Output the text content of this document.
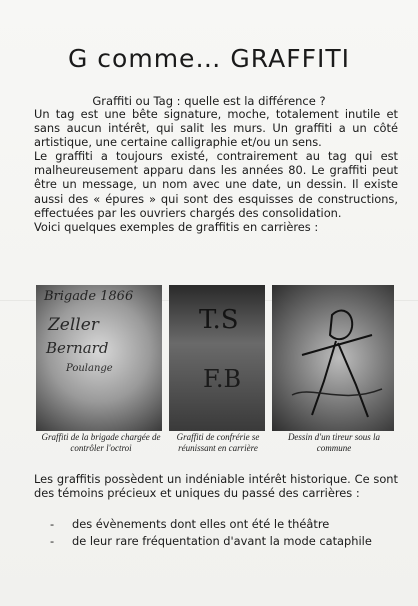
G comme… GRAFFITI

Graffiti ou Tag : quelle est la différence ?

Un tag est une bête signature, moche, totalement inutile et sans aucun intérêt, qui salit les murs. Un graffiti a un côté artistique, une certaine calligraphie et/ou un sens.

Le graffiti a toujours existé, contrairement au tag qui est malheureusement apparu dans les années 80. Le graffiti peut être un message, un nom avec une date, un dessin. Il existe aussi des « épures » qui sont des esquisses de constructions, effectuées par les ouvriers chargés des consolidation.

Voici quelques exemples de graffitis en carrières :

Brigade 1866
Zeller
Bernard
Poulange
T.S
F.B
Graffiti de la brigade chargée de contrôler l'octroi
Graffiti de confrérie se réunissant en carrière
Dessin d'un tireur sous la commune

Les graffitis possèdent un indéniable intérêt historique. Ce sont des témoins précieux et uniques du passé des carrières :

- des évènements dont elles ont été le théâtre
- de leur rare fréquentation d'avant la mode cataphile
